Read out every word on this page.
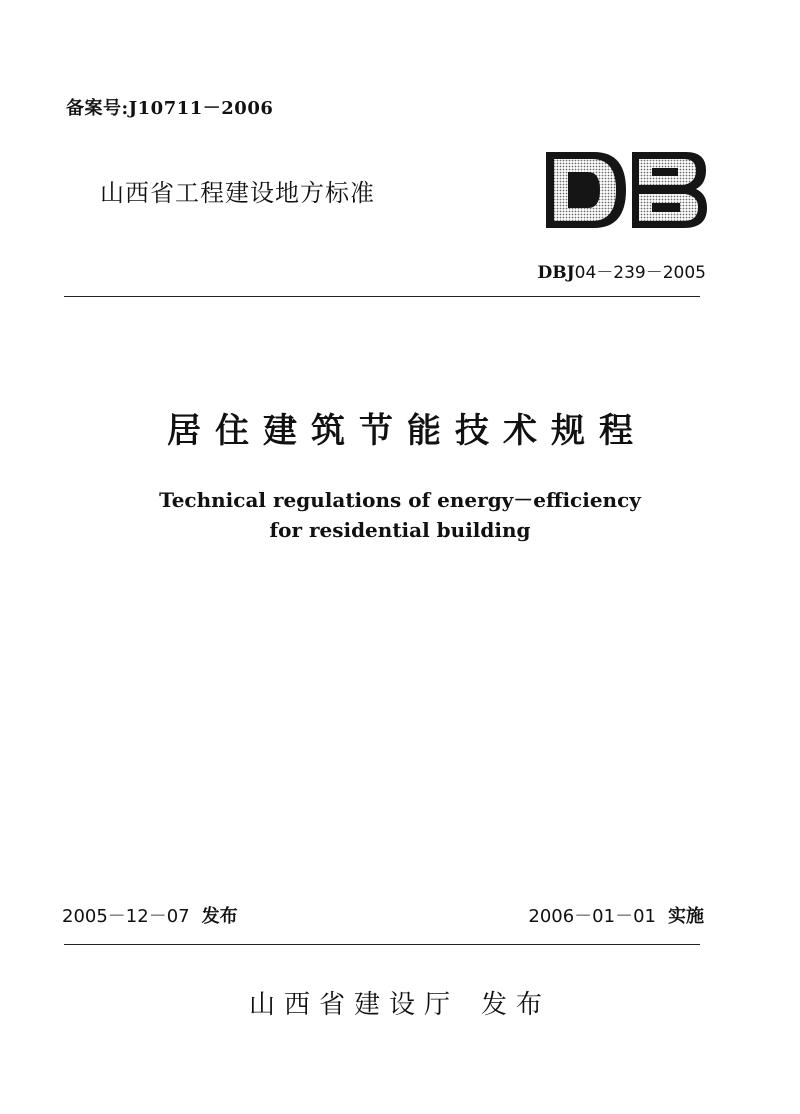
备案号:J10711－2006
山西省工程建设地方标准
DBJ04－239－2005
居住建筑节能技术规程
Technical regulations of energy－efficiency
for residential building
2005－12－07 发布	2006－01－01 实施
山西省建设厅 发布
